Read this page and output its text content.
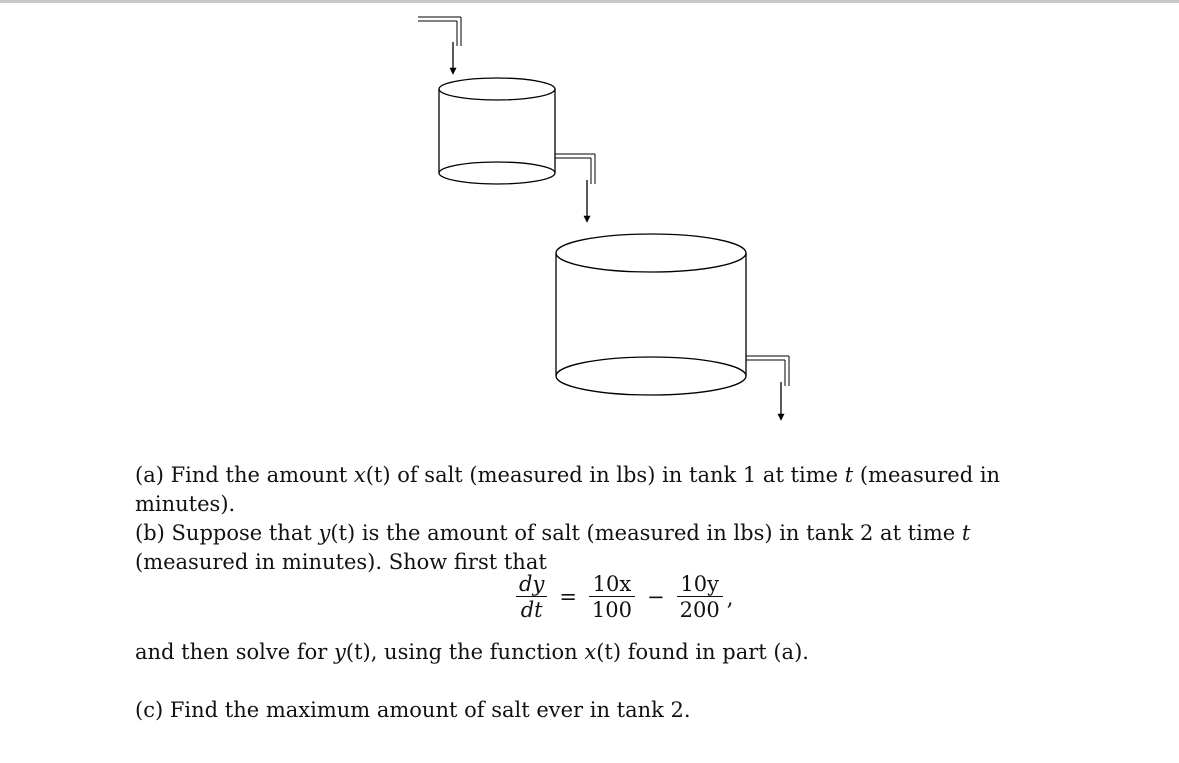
(a) Find the amount x(t) of salt (measured in lbs) in tank 1 at time t (measured in minutes).

(b) Suppose that y(t) is the amount of salt (measured in lbs) in tank 2 at time t (measured in minutes). Show first that

$\frac{dy}{dt} = \frac{10x}{100} - \frac{10y}{200}$ ,

and then solve for y(t), using the function x(t) found in part (a).

(c) Find the maximum amount of salt ever in tank 2.
